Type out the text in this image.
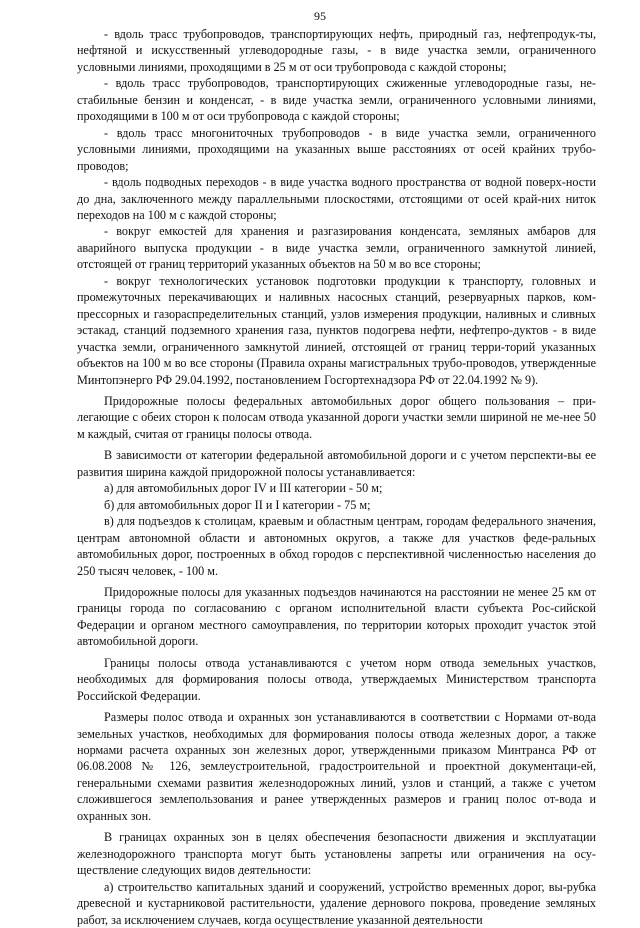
95

- вдоль трасс трубопроводов, транспортирующих нефть, природный газ, нефтепродук-ты, нефтяной и искусственный углеводородные газы, - в виде участка земли, ограниченного условными линиями, проходящими в 25 м от оси трубопровода с каждой стороны;

- вдоль трасс трубопроводов, транспортирующих сжиженные углеводородные газы, не-стабильные бензин и конденсат, - в виде участка земли, ограниченного условными линиями, проходящими в 100 м от оси трубопровода с каждой стороны;

- вдоль трасс многониточных трубопроводов - в виде участка земли, ограниченного условными линиями, проходящими на указанных выше расстояниях от осей крайних трубо-проводов;

- вдоль подводных переходов - в виде участка водного пространства от водной поверх-ности до дна, заключенного между параллельными плоскостями, отстоящими от осей край-них ниток переходов на 100 м с каждой стороны;

- вокруг емкостей для хранения и разгазирования конденсата, земляных амбаров для аварийного выпуска продукции - в виде участка земли, ограниченного замкнутой линией, отстоящей от границ территорий указанных объектов на 50 м во все стороны;

- вокруг технологических установок подготовки продукции к транспорту, головных и промежуточных перекачивающих и наливных насосных станций, резервуарных парков, ком-прессорных и газораспределительных станций, узлов измерения продукции, наливных и сливных эстакад, станций подземного хранения газа, пунктов подогрева нефти, нефтепро-дуктов - в виде участка земли, ограниченного замкнутой линией, отстоящей от границ терри-торий указанных объектов на 100 м во все стороны (Правила охраны магистральных трубо-проводов, утвержденные Минтопэнерго РФ 29.04.1992, постановлением Госгортехнадзора РФ от 22.04.1992 № 9).

Придорожные полосы федеральных автомобильных дорог общего пользования – при-легающие с обеих сторон к полосам отвода указанной дороги участки земли шириной не ме-нее 50 м каждый, считая от границы полосы отвода.

В зависимости от категории федеральной автомобильной дороги и с учетом перспекти-вы ее развития ширина каждой придорожной полосы устанавливается:

а) для автомобильных дорог IV и III категории - 50 м;

б) для автомобильных дорог II и I категории - 75 м;

в) для подъездов к столицам, краевым и областным центрам, городам федерального значения, центрам автономной области и автономных округов, а также для участков феде-ральных автомобильных дорог, построенных в обход городов с перспективной численностью населения до 250 тысяч человек, - 100 м.

Придорожные полосы для указанных подъездов начинаются на расстоянии не менее 25 км от границы города по согласованию с органом исполнительной власти субъекта Рос-сийской Федерации и органом местного самоуправления, по территории которых проходит участок этой автомобильной дороги.

Границы полосы отвода устанавливаются с учетом норм отвода земельных участков, необходимых для формирования полосы отвода, утверждаемых Министерством транспорта Российской Федерации.

Размеры полос отвода и охранных зон устанавливаются в соответствии с Нормами от-вода земельных участков, необходимых для формирования полосы отвода железных дорог, а также нормами расчета охранных зон железных дорог, утвержденными приказом Минтранса РФ от 06.08.2008 № 126, землеустроительной, градостроительной и проектной документаци-ей, генеральными схемами развития железнодорожных линий, узлов и станций, а также с учетом сложившегося землепользования и ранее утвержденных размеров и границ полос от-вода и охранных зон.

В границах охранных зон в целях обеспечения безопасности движения и эксплуатации железнодорожного транспорта могут быть установлены запреты или ограничения на осу-ществление следующих видов деятельности:

а) строительство капитальных зданий и сооружений, устройство временных дорог, вы-рубка древесной и кустарниковой растительности, удаление дернового покрова, проведение земляных работ, за исключением случаев, когда осуществление указанной деятельности
